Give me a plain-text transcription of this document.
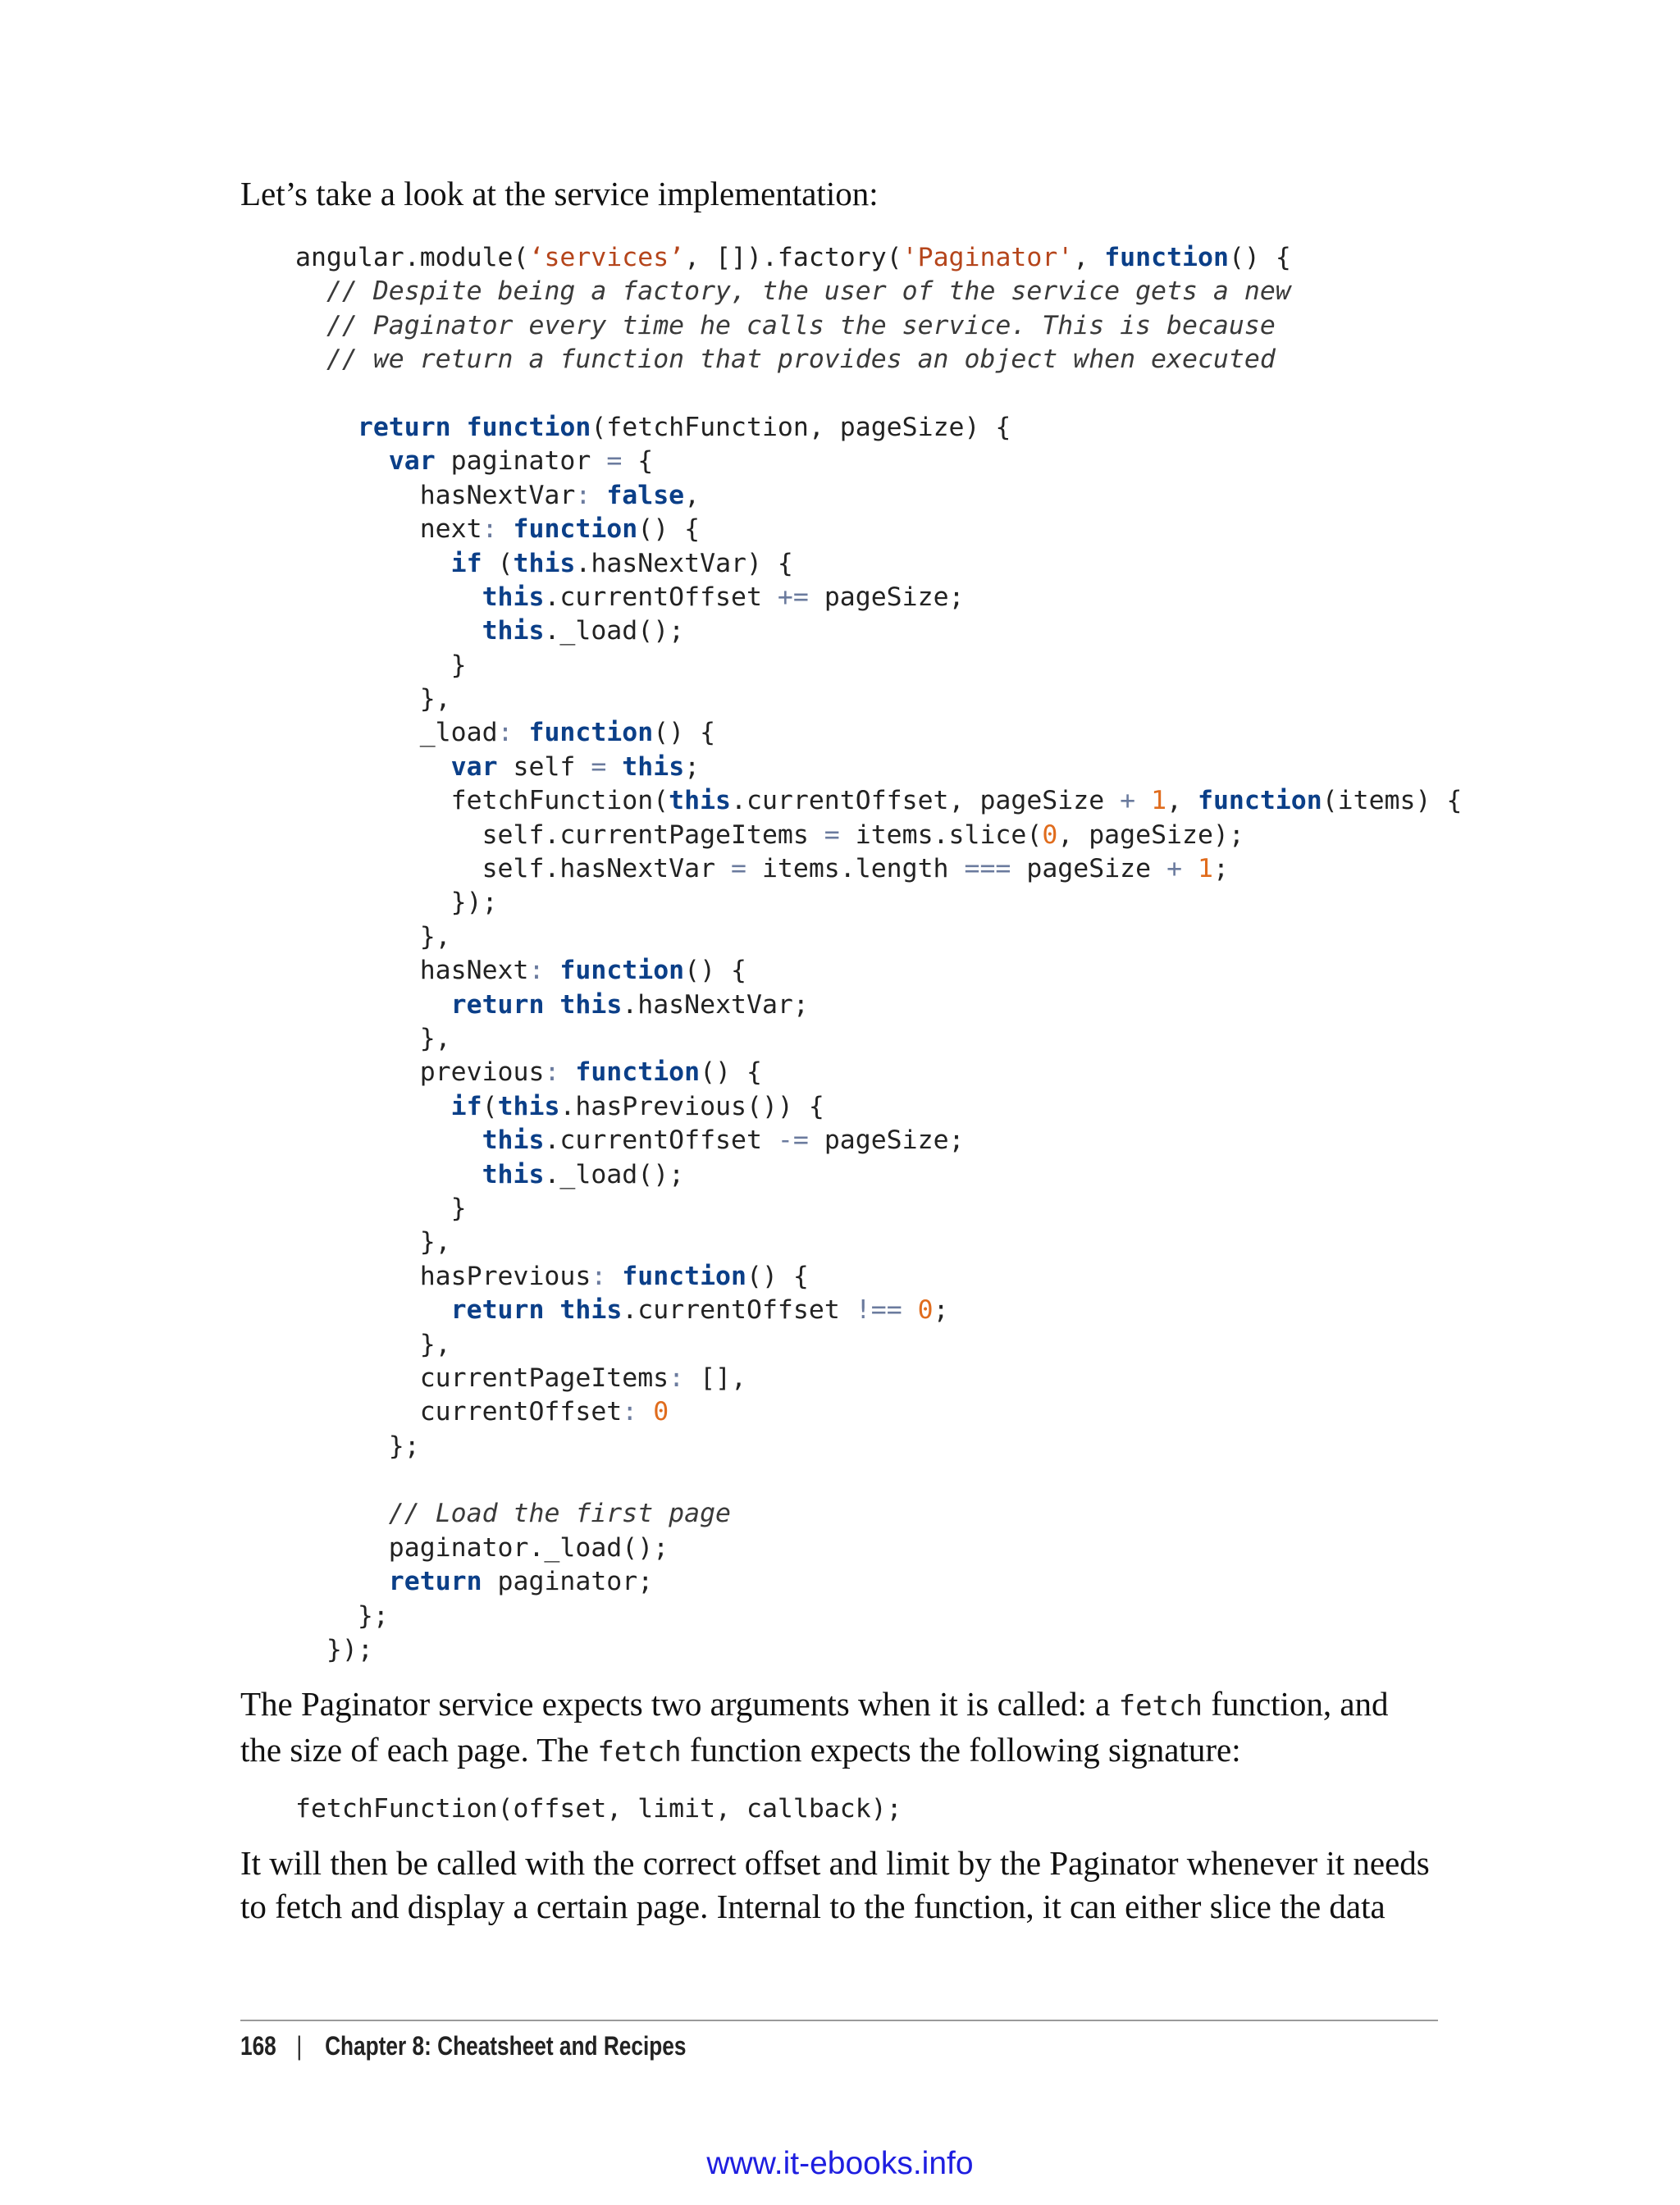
Let’s take a look at the service implementation:
angular.module(‘services’, []).factory('Paginator', function() {
// Despite being a factory, the user of the service gets a new
// Paginator every time he calls the service. This is because
// we return a function that provides an object when executed

return function(fetchFunction, pageSize) {
var paginator = {
hasNextVar: false,
next: function() {
if (this.hasNextVar) {
this.currentOffset += pageSize;
this._load();
}
},
_load: function() {
var self = this;
fetchFunction(this.currentOffset, pageSize + 1, function(items) {
self.currentPageItems = items.slice(0, pageSize);
self.hasNextVar = items.length === pageSize + 1;
});
},
hasNext: function() {
return this.hasNextVar;
},
previous: function() {
if(this.hasPrevious()) {
this.currentOffset -= pageSize;
this._load();
}
},
hasPrevious: function() {
return this.currentOffset !== 0;
},
currentPageItems: [],
currentOffset: 0
};

// Load the first page
paginator._load();
return paginator;
};
});
The Paginator service expects two arguments when it is called: a fetch function, and
the size of each page. The fetch function expects the following signature:
fetchFunction(offset, limit, callback);
It will then be called with the correct offset and limit by the Paginator whenever it needs
to fetch and display a certain page. Internal to the function, it can either slice the data
168 | Chapter 8: Cheatsheet and Recipes
www.it-ebooks.info
